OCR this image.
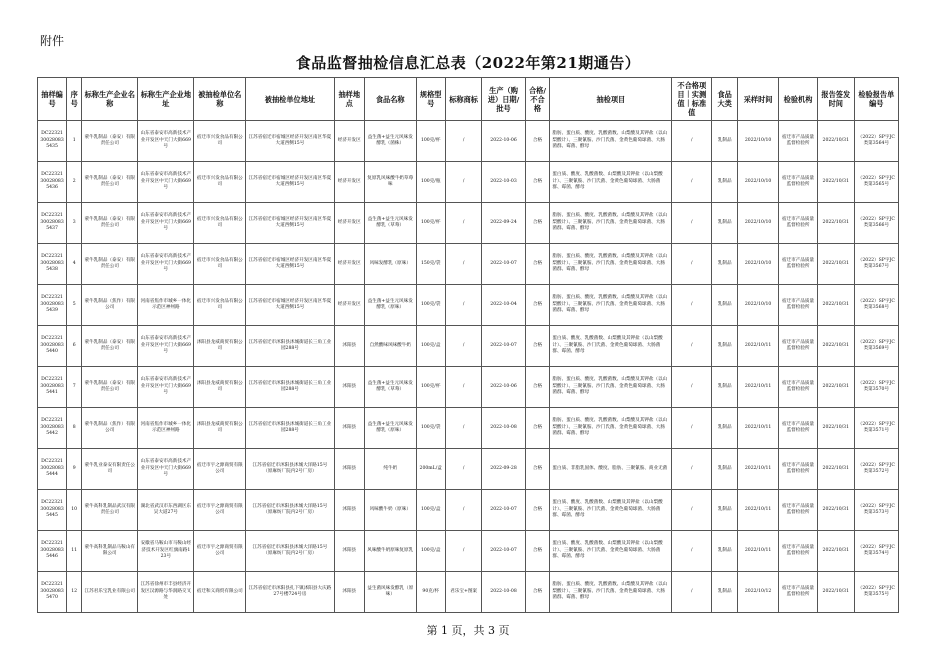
附件
食品监督抽检信息汇总表（2022年第21期通告）
抽样编号	序号	标称生产企业名称	标称生产企业地址	被抽检单位名称	被抽检单位地址	抽样地点	食品名称	规格型号	标称商标	生产（购进）日期/批号	合格/不合格	抽检项目	不合格项目｜实测值｜标准值	食品大类	采样时间	检验机构	报告签发时间	检验报告单编号
DC22321300280835435	1	蒙牛乳制品（泰安）有限责任公司	山东省泰安市高新技术产业开发区中天门大街669号	宿迁市兴发食品有限公司	江苏省宿迁市宿城区经济开发区南区华夏大道西侧15号	经济开发区	益生菌+益生元风味发酵乳（菌株）	100克/杯	/	2022-10-06	合格	脂肪、蛋白质、酸度、乳酸菌数、山梨酸及其钾盐（以山梨酸计）、三聚氰胺、沙门氏菌、金黄色葡萄球菌、大肠菌群、霉菌、酵母	/	乳制品	2022/10/10	宿迁市产品质量监督检验所	2022/10/31	（2022）SP字JC类第3564号
DC22321300280835436	2	蒙牛乳制品（泰安）有限责任公司	山东省泰安市高新技术产业开发区中天门大街669号	宿迁市兴发食品有限公司	江苏省宿迁市宿城区经济开发区南区华夏大道西侧15号	经济开发区	复原乳风味酸牛奶草莓味	100克/瓶	/	2022-10-03	合格	蛋白质、酸度、乳酸菌数、山梨酸及其钾盐（以山梨酸计）、三聚氰胺、沙门氏菌、金黄色葡萄球菌、大肠菌群、霉菌、酵母	/	乳制品	2022/10/10	宿迁市产品质量监督检验所	2022/10/31	（2022）SP字JC类第3565号
DC22321300280835437	3	蒙牛乳制品（泰安）有限责任公司	山东省泰安市高新技术产业开发区中天门大街669号	宿迁市兴发食品有限公司	江苏省宿迁市宿城区经济开发区南区华夏大道西侧15号	经济开发区	益生菌+益生元风味发酵乳（草莓）	100克/杯	/	2022-09-24	合格	脂肪、蛋白质、酸度、乳酸菌数、山梨酸及其钾盐（以山梨酸计）、三聚氰胺、沙门氏菌、金黄色葡萄球菌、大肠菌群、霉菌、酵母	/	乳制品	2022/10/10	宿迁市产品质量监督检验所	2022/10/31	（2022）SP字JC类第3566号
DC22321300280835438	4	蒙牛乳制品（泰安）有限责任公司	山东省泰安市高新技术产业开发区中天门大街669号	宿迁市兴发食品有限公司	江苏省宿迁市宿城区经济开发区南区华夏大道西侧15号	经济开发区	风味发酵乳（原味）	150克/袋	/	2022-10-07	合格	脂肪、蛋白质、酸度、乳酸菌数、山梨酸及其钾盐（以山梨酸计）、三聚氰胺、沙门氏菌、金黄色葡萄球菌、大肠菌群、霉菌、酵母	/	乳制品	2022/10/10	宿迁市产品质量监督检验所	2022/10/31	（2022）SP字JC类第3567号
DC22321300280835439	5	蒙牛乳制品（焦作）有限公司	河南省焦作市城乡一体化示范区神州路	宿迁市兴发食品有限公司	江苏省宿迁市宿城区经济开发区南区华夏大道西侧15号	经济开发区	益生菌+益生元风味发酵乳（原味）	100克/袋	/	2022-10-04	合格	脂肪、蛋白质、酸度、乳酸菌数、山梨酸及其钾盐（以山梨酸计）、三聚氰胺、沙门氏菌、金黄色葡萄球菌、大肠菌群、霉菌、酵母	/	乳制品	2022/10/10	宿迁市产品质量监督检验所	2022/10/31	（2022）SP字JC类第3568号
DC22321300280835440	6	蒙牛乳制品（泰安）有限责任公司	山东省泰安市高新技术产业开发区中天门大街669号	沭阳县龙威商贸有限公司	江苏省宿迁市沭阳县沭城街道长三角工业园288号	沭阳县	自然酸味风味酸牛奶	100克/盒	/	2022-10-07	合格	蛋白质、酸度、乳酸菌数、山梨酸及其钾盐（以山梨酸计）、三聚氰胺、沙门氏菌、金黄色葡萄球菌、大肠菌群、霉菌、酵母	/	乳制品	2022/10/11	宿迁市产品质量监督检验所	2022/10/31	（2022）SP字JC类第3569号
DC22321300280835441	7	蒙牛乳制品（泰安）有限责任公司	山东省泰安市高新技术产业开发区中天门大街669号	沭阳县龙威商贸有限公司	江苏省宿迁市沭阳县沭城街道长三角工业园288号	沭阳县	益生菌+益生元风味发酵乳（草莓）	100克/杯	/	2022-10-06	合格	脂肪、蛋白质、酸度、乳酸菌数、山梨酸及其钾盐（以山梨酸计）、三聚氰胺、沙门氏菌、金黄色葡萄球菌、大肠菌群、霉菌、酵母	/	乳制品	2022/10/11	宿迁市产品质量监督检验所	2022/10/31	（2022）SP字JC类第3570号
DC22321300280835442	8	蒙牛乳制品（焦作）有限公司	河南省焦作市城乡一体化示范区神州路	沭阳县龙威商贸有限公司	江苏省宿迁市沭阳县沭城街道长三角工业园288号	沭阳县	益生菌+益生元风味发酵乳（原味）	100克/袋	/	2022-10-08	合格	脂肪、蛋白质、酸度、乳酸菌数、山梨酸及其钾盐（以山梨酸计）、三聚氰胺、沙门氏菌、金黄色葡萄球菌、大肠菌群、霉菌、酵母	/	乳制品	2022/10/11	宿迁市产品质量监督检验所	2022/10/31	（2022）SP字JC类第3571号
DC22321300280835444	9	蒙牛乳业泰安有限责任公司	山东省泰安市高新技术产业开发区中天门大街669号	宿迁市宇之源商贸有限公司	江苏省宿迁市沭阳县沭城大洋路15号（原麻纺厂院内2号厂房）	沭阳县	纯牛奶	200mL/盒	/	2022-09-28	合格	蛋白质、非脂乳固体、酸度、脂肪、三聚氰胺、商业无菌	/	乳制品	2022/10/11	宿迁市产品质量监督检验所	2022/10/31	（2022）SP字JC类第3572号
DC22321300280835445	10	蒙牛高科乳制品武汉有限责任公司	湖北省武汉市东西湖区东吴大道27号	宿迁市宇之源商贸有限公司	江苏省宿迁市沭阳县沭城大洋路15号（原麻纺厂院内2号厂房）	沭阳县	风味酸牛奶（原味）	100克/盒	/	2022-10-07	合格	蛋白质、酸度、乳酸菌数、山梨酸及其钾盐（以山梨酸计）、三聚氰胺、沙门氏菌、金黄色葡萄球菌、大肠菌群、霉菌、酵母	/	乳制品	2022/10/11	宿迁市产品质量监督检验所	2022/10/31	（2022）SP字JC类第3573号
DC22321300280835446	11	蒙牛高科乳制品马鞍山有限公司	安徽省马鞍山市马鞍山经济技术开发区红旗南路123号	宿迁市宇之源商贸有限公司	江苏省宿迁市沭阳县沭城大洋路15号（原麻纺厂院内2号厂房）	沭阳县	风味酸牛奶原味复原乳	100克/盒	/	2022-10-07	合格	蛋白质、酸度、乳酸菌数、山梨酸及其钾盐（以山梨酸计）、三聚氰胺、沙门氏菌、金黄色葡萄球菌、大肠菌群、霉菌、酵母	/	乳制品	2022/10/11	宿迁市产品质量监督检验所	2022/10/31	（2022）SP字JC类第3574号
DC22321300280835470	12	江苏君乐宝乳业有限公司	江苏省徐州市丰县经济开发区汉源路与华润路交叉处	宿迁和义商贸有限公司	江苏省宿迁市沭阳县扎下镇沭阳县大庆路27号楼724号房	沭阳县	益生菌风味发酵乳（原味）	90克/杯	君乐宝+图案	2022-10-08	合格	脂肪、蛋白质、酸度、乳酸菌数、山梨酸及其钾盐（以山梨酸计）、三聚氰胺、沙门氏菌、金黄色葡萄球菌、大肠菌群、霉菌、酵母	/	乳制品	2022/10/12	宿迁市产品质量监督检验所	2022/10/31	（2022）SP字JC类第3575号
第 1 页，共 3 页
